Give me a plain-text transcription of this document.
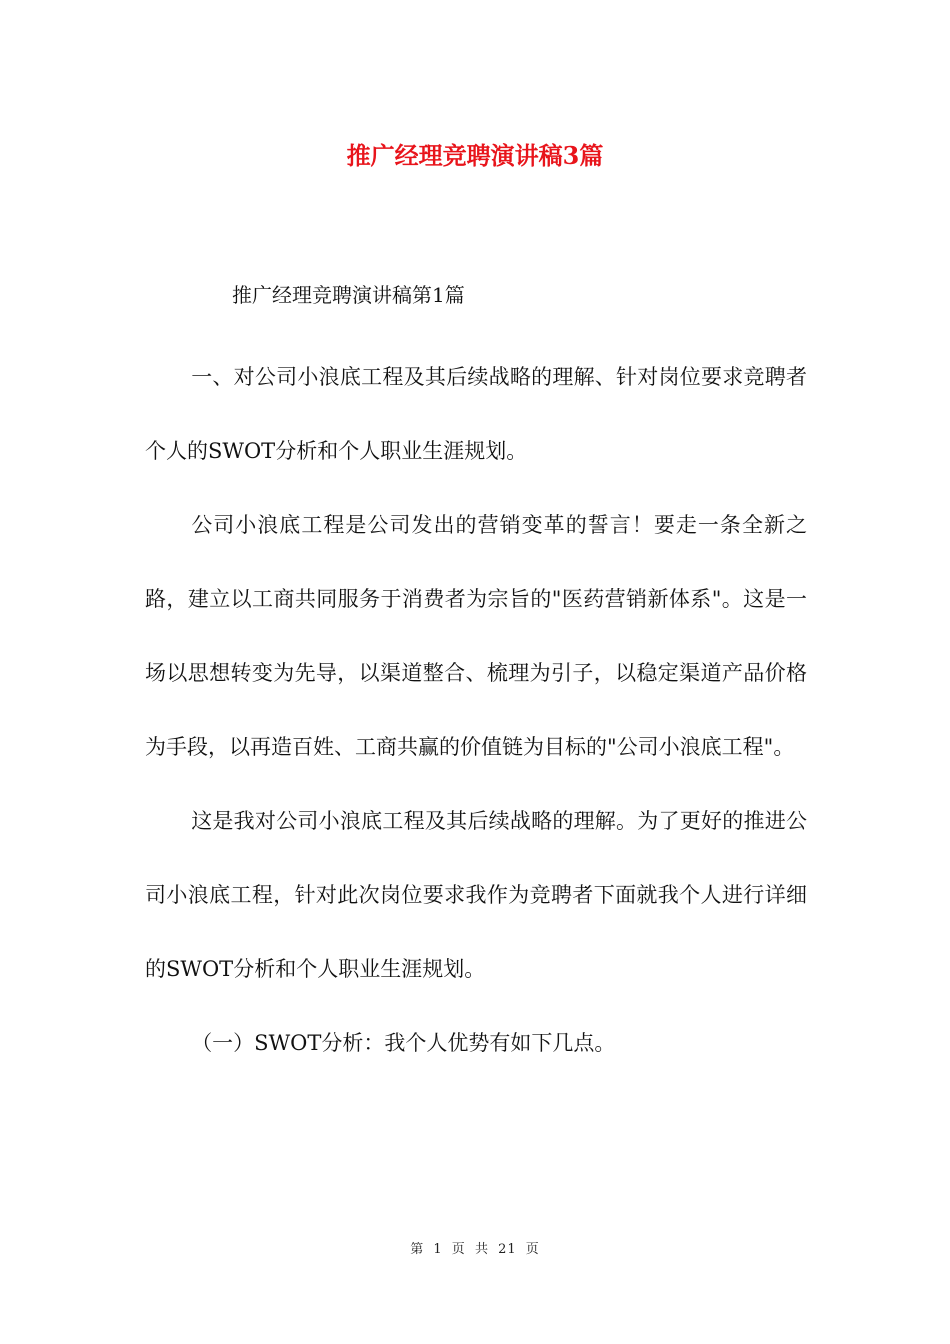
推广经理竞聘演讲稿3篇
推广经理竞聘演讲稿第1篇

一、对公司小浪底工程及其后续战略的理解、针对岗位要求竞聘者个人的SWOT分析和个人职业生涯规划。

公司小浪底工程是公司发出的营销变革的誓言！要走一条全新之路，建立以工商共同服务于消费者为宗旨的"医药营销新体系"。这是一场以思想转变为先导，以渠道整合、梳理为引子，以稳定渠道产品价格为手段，以再造百姓、工商共赢的价值链为目标的"公司小浪底工程"。

这是我对公司小浪底工程及其后续战略的理解。为了更好的推进公司小浪底工程，针对此次岗位要求我作为竞聘者下面就我个人进行详细的SWOT分析和个人职业生涯规划。

（一）SWOT分析：我个人优势有如下几点。

第 1 页 共 21 页
